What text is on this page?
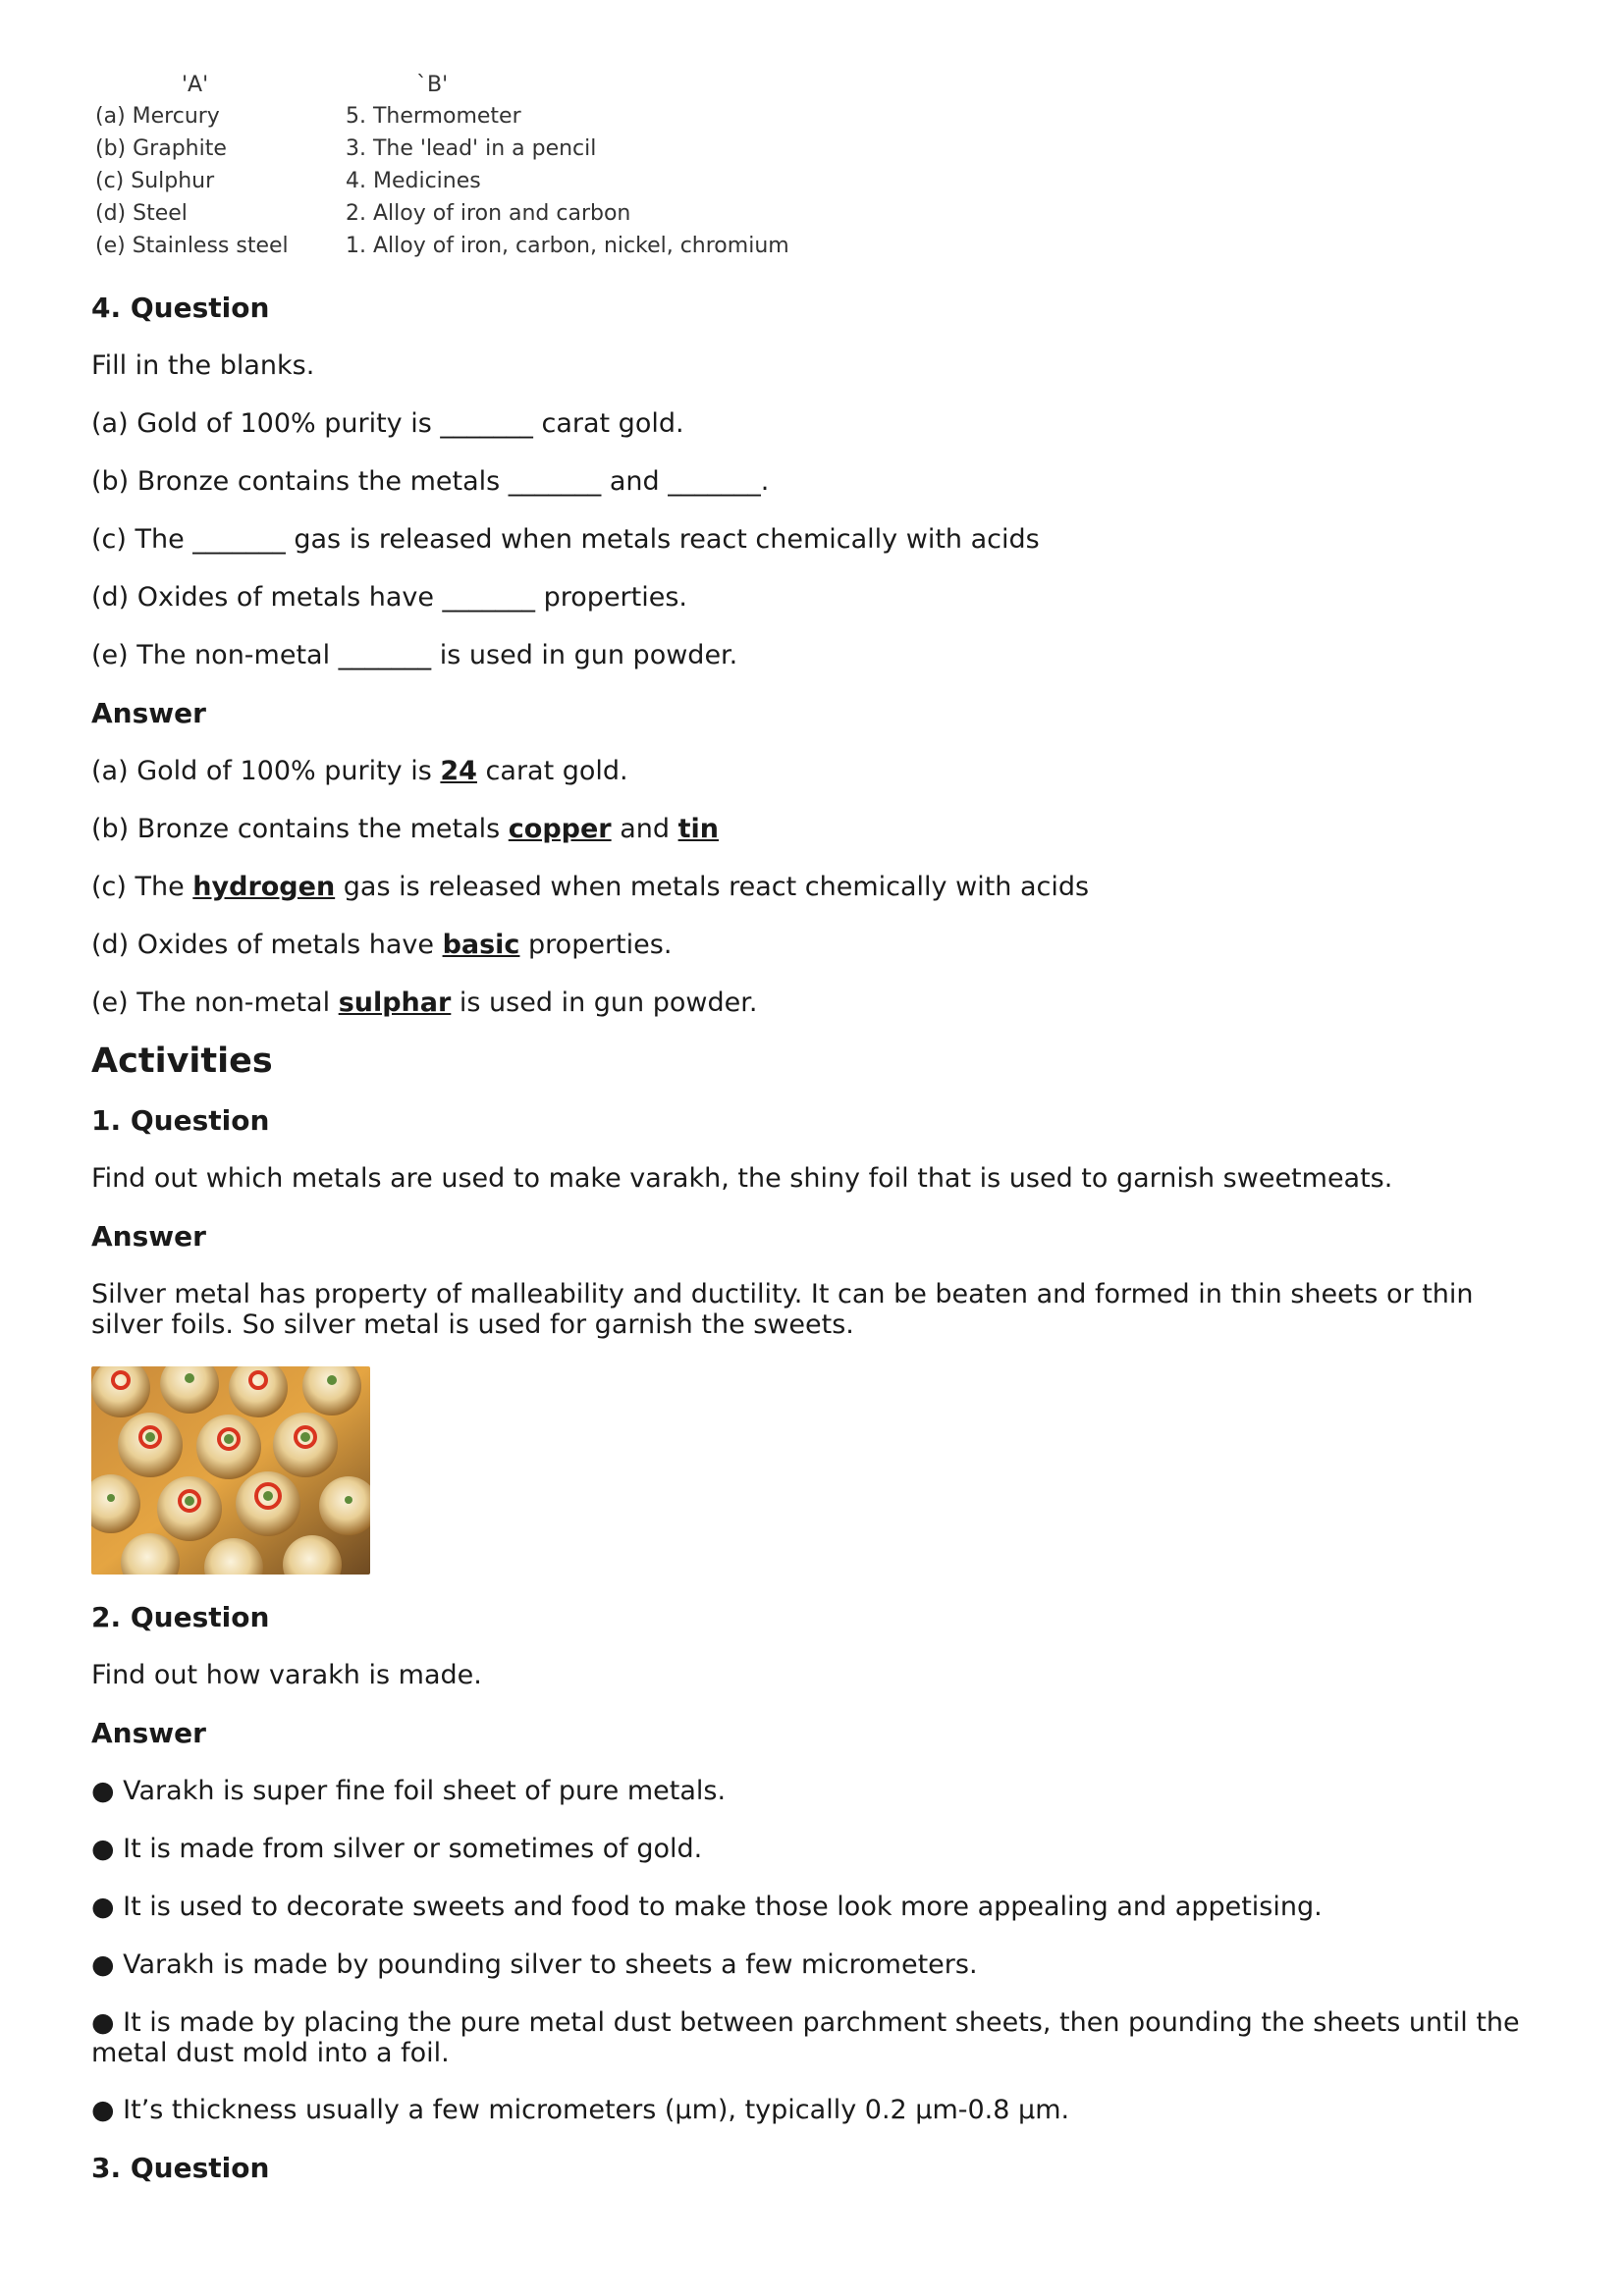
'A'	`B'
(a) Mercury	5. Thermometer
(b) Graphite	3. The 'lead' in a pencil
(c) Sulphur	4. Medicines
(d) Steel	2. Alloy of iron and carbon
(e) Stainless steel	1. Alloy of iron, carbon, nickel, chromium
4. Question
Fill in the blanks.
(a) Gold of 100% purity is _______ carat gold.
(b) Bronze contains the metals _______ and _______.
(c) The _______ gas is released when metals react chemically with acids
(d) Oxides of metals have _______ properties.
(e) The non-metal _______ is used in gun powder.
Answer
(a) Gold of 100% purity is 24 carat gold.
(b) Bronze contains the metals copper and tin
(c) The hydrogen gas is released when metals react chemically with acids
(d) Oxides of metals have basic properties.
(e) The non-metal sulphar is used in gun powder.
Activities
1. Question
Find out which metals are used to make varakh, the shiny foil that is used to garnish sweetmeats.
Answer
Silver metal has property of malleability and ductility. It can be beaten and formed in thin sheets or thin silver foils. So silver metal is used for garnish the sweets.
2. Question
Find out how varakh is made.
Answer
● Varakh is super fine foil sheet of pure metals.
● It is made from silver or sometimes of gold.
● It is used to decorate sweets and food to make those look more appealing and appetising.
● Varakh is made by pounding silver to sheets a few micrometers.
● It is made by placing the pure metal dust between parchment sheets, then pounding the sheets until the metal dust mold into a foil.
● It’s thickness usually a few micrometers (µm), typically 0.2 µm-0.8 µm.
3. Question
